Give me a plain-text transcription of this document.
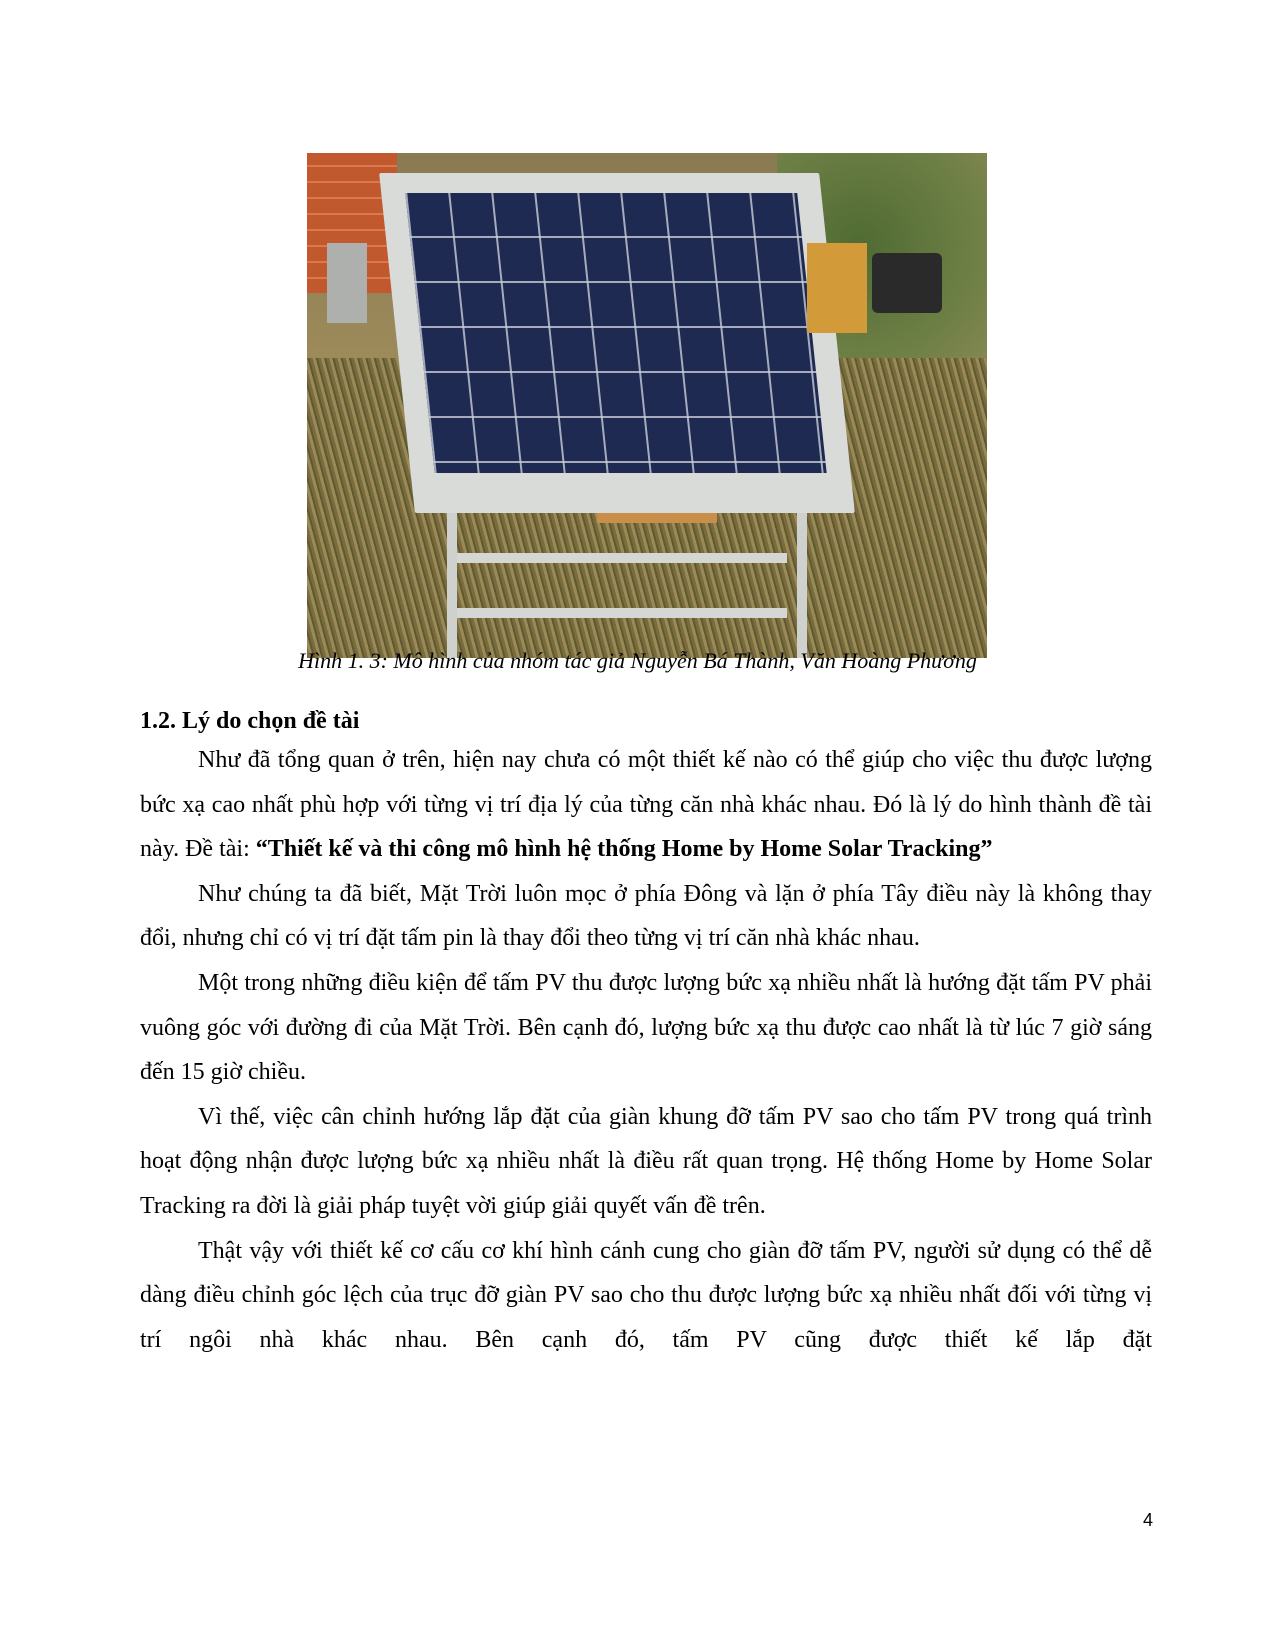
Hình 1. 3: Mô hình của nhóm tác giả Nguyễn Bá Thành, Văn Hoàng Phương
1.2. Lý do chọn đề tài

Như đã tổng quan ở trên, hiện nay chưa có một thiết kế nào có thể giúp cho việc thu được lượng bức xạ cao nhất phù hợp với từng vị trí địa lý của từng căn nhà khác nhau. Đó là lý do hình thành đề tài này. Đề tài: “Thiết kế và thi công mô hình hệ thống Home by Home Solar Tracking”

Như chúng ta đã biết, Mặt Trời luôn mọc ở phía Đông và lặn ở phía Tây điều này là không thay đổi, nhưng chỉ có vị trí đặt tấm pin là thay đổi theo từng vị trí căn nhà khác nhau.

Một trong những điều kiện để tấm PV thu được lượng bức xạ nhiều nhất là hướng đặt tấm PV phải vuông góc với đường đi của Mặt Trời. Bên cạnh đó, lượng bức xạ thu được cao nhất là từ lúc 7 giờ sáng đến 15 giờ chiều.

Vì thế, việc cân chỉnh hướng lắp đặt của giàn khung đỡ tấm PV sao cho tấm PV trong quá trình hoạt động nhận được lượng bức xạ nhiều nhất là điều rất quan trọng. Hệ thống Home by Home Solar Tracking ra đời là giải pháp tuyệt vời giúp giải quyết vấn đề trên.

Thật vậy với thiết kế cơ cấu cơ khí hình cánh cung cho giàn đỡ tấm PV, người sử dụng có thể dễ dàng điều chỉnh góc lệch của trục đỡ giàn PV sao cho thu được lượng bức xạ nhiều nhất đối với từng vị trí ngôi nhà khác nhau. Bên cạnh đó, tấm PV cũng được thiết kế lắp đặt

4
